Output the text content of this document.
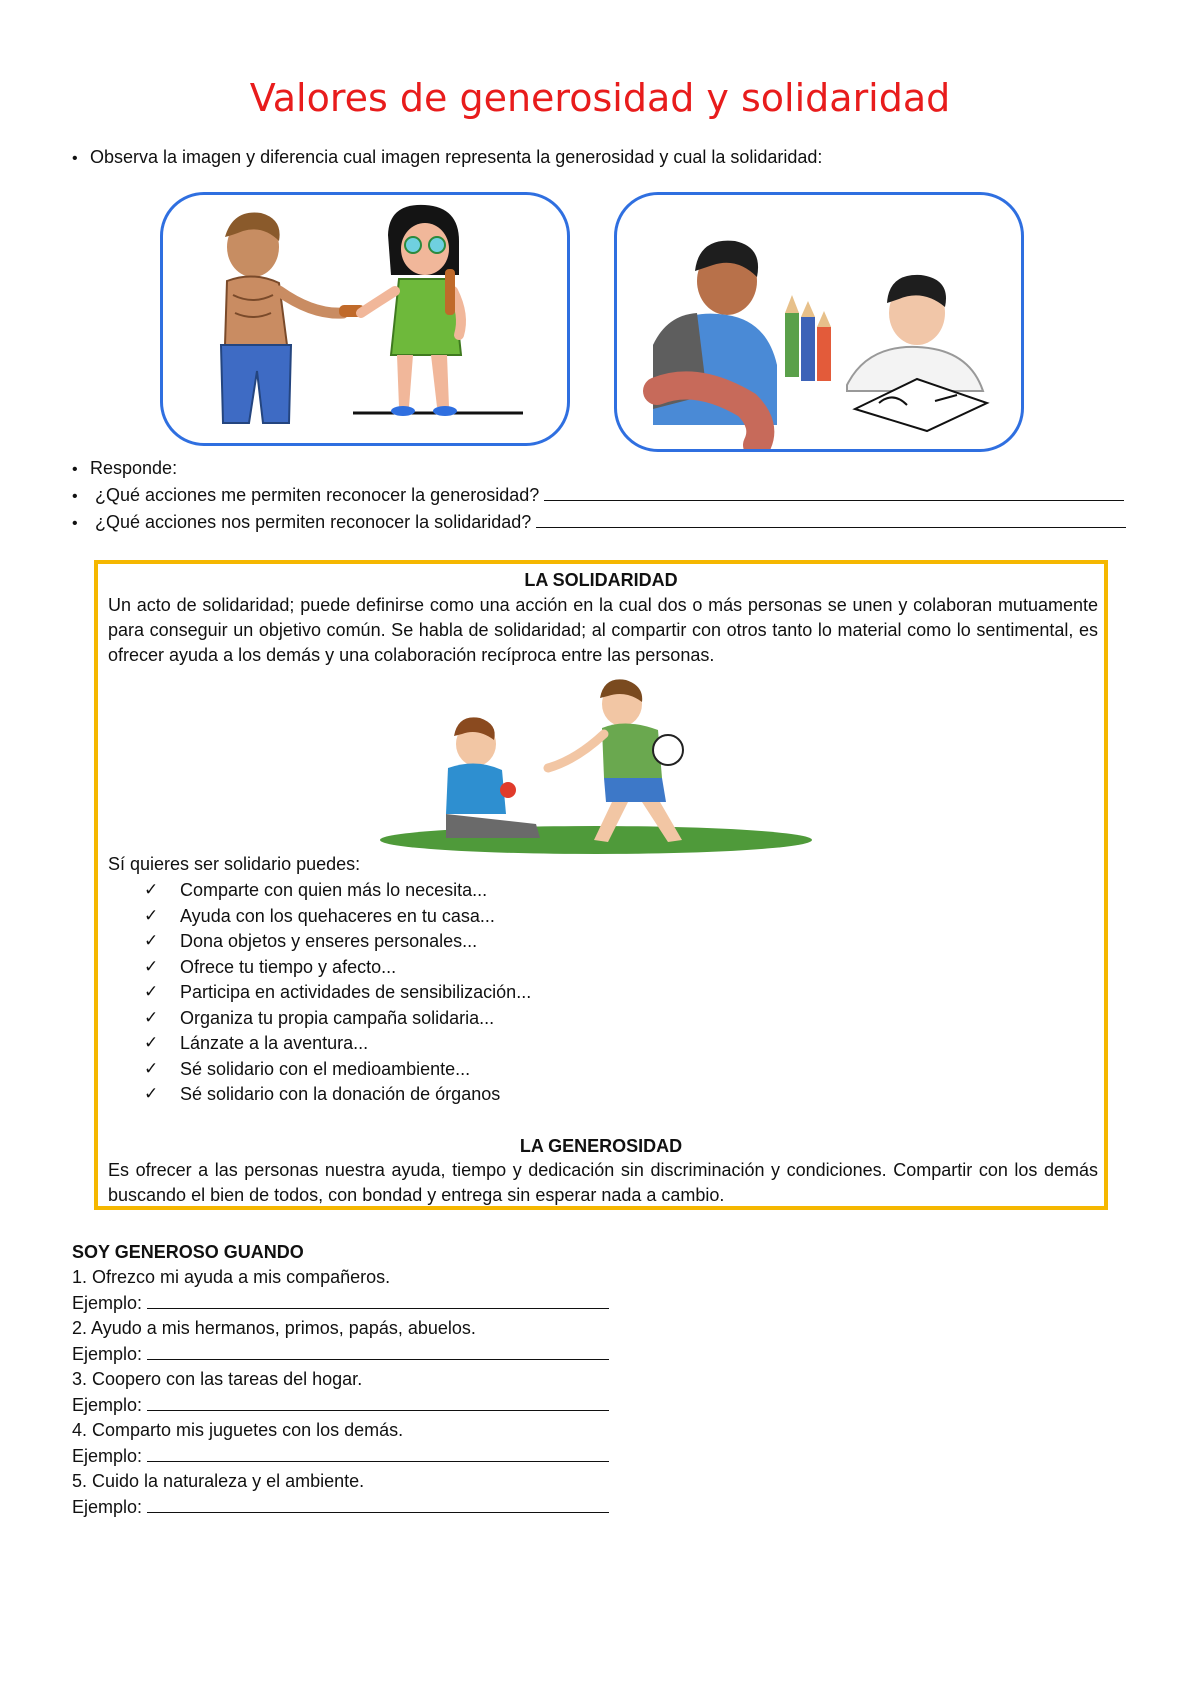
Valores de generosidad y solidaridad
• Observa la imagen y diferencia cual imagen representa la generosidad y cual la solidaridad:
• Responde:
• ¿Qué acciones me permiten reconocer la generosidad?
• ¿Qué acciones nos permiten reconocer la solidaridad?
LA SOLIDARIDAD
Un acto de solidaridad; puede definirse como una acción en la cual dos o más personas se unen y colaboran mutuamente para conseguir un objetivo común. Se habla de solidaridad; al compartir con otros tanto lo material como lo sentimental, es ofrecer ayuda a los demás y una colaboración recíproca entre las personas.
Sí quieres ser solidario puedes:
✓ Comparte con quien más lo necesita...
✓ Ayuda con los quehaceres en tu casa...
✓ Dona objetos y enseres personales...
✓ Ofrece tu tiempo y afecto...
✓ Participa en actividades de sensibilización...
✓ Organiza tu propia campaña solidaria...
✓ Lánzate a la aventura...
✓ Sé solidario con el medioambiente...
✓ Sé solidario con la donación de órganos
LA GENEROSIDAD
Es ofrecer a las personas nuestra ayuda, tiempo y dedicación sin discriminación y condiciones. Compartir con los demás buscando el bien de todos, con bondad y entrega sin esperar nada a cambio.
SOY GENEROSO GUANDO
1. Ofrezco mi ayuda a mis compañeros.
Ejemplo:
2. Ayudo a mis hermanos, primos, papás, abuelos.
Ejemplo:
3. Coopero con las tareas del hogar.
Ejemplo:
4. Comparto mis juguetes con los demás.
Ejemplo:
5. Cuido la naturaleza y el ambiente.
Ejemplo:
